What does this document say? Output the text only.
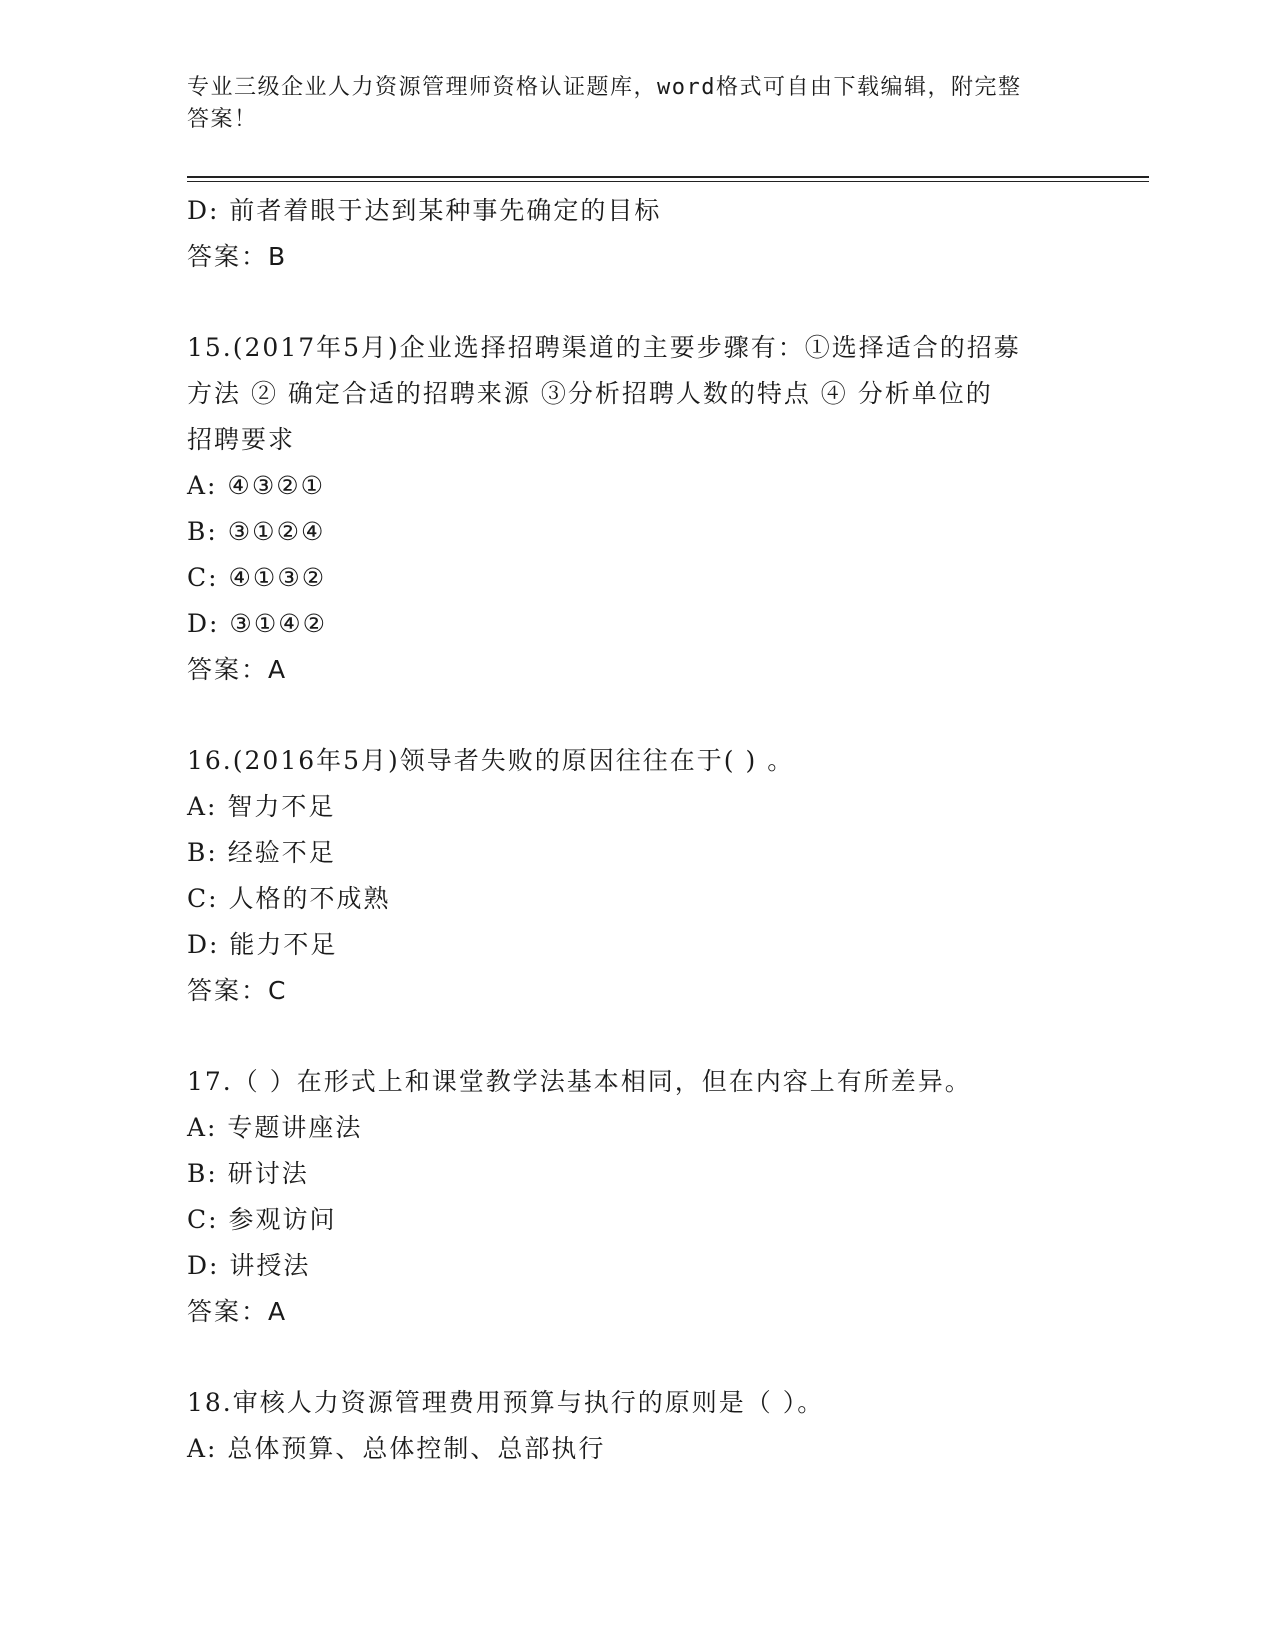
专业三级企业人力资源管理师资格认证题库，word格式可自由下载编辑，附完整
答案！
D: 前者着眼于达到某种事先确定的目标
答案：B
15.(2017年5月)企业选择招聘渠道的主要步骤有：①选择适合的招募
方法 ② 确定合适的招聘来源 ③分析招聘人数的特点 ④ 分析单位的
招聘要求
A: ④③②①
B: ③①②④
C: ④①③②
D: ③①④②
答案：A
16.(2016年5月)领导者失败的原因往往在于( ) 。
A: 智力不足
B: 经验不足
C: 人格的不成熟
D: 能力不足
答案：C
17.（ ）在形式上和课堂教学法基本相同，但在内容上有所差异。
A: 专题讲座法
B: 研讨法
C: 参观访问
D: 讲授法
答案：A
18.审核人力资源管理费用预算与执行的原则是（ ）。
A: 总体预算、总体控制、总部执行
